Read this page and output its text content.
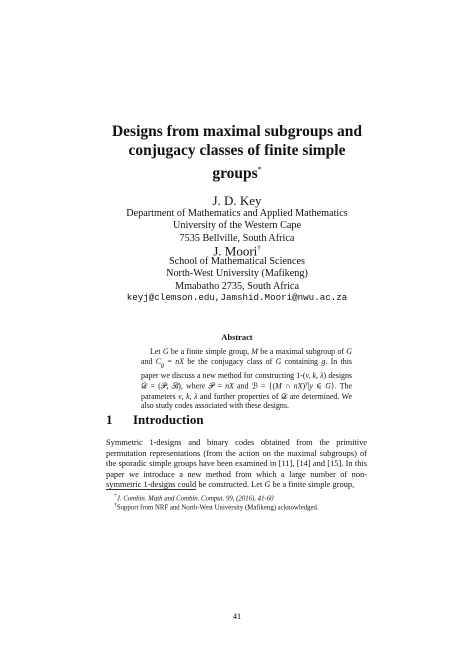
Designs from maximal subgroups and
conjugacy classes of finite simple
groups*
J. D. Key
Department of Mathematics and Applied Mathematics
University of the Western Cape
7535 Bellville, South Africa
J. Moori†
School of Mathematical Sciences
North-West University (Mafikeng)
Mmabatho 2735, South Africa
keyj@clemson.edu,Jamshid.Moori@nwu.ac.za
Abstract

Let G be a finite simple group, M be a maximal subgroup of G and $C_g$ = nX be the conjugacy class of G containing g. In this paper we discuss a new method for constructing 1-(v, k, λ) designs 𝒟 = (𝒫, ℬ), where 𝒫 = nX and ℬ = {(M ∩ nX)$^y$|y ∈ G}. The parameters v, k, λ and further properties of 𝒟 are determined. We also study codes associated with these designs.

1 Introduction

Symmetric 1-designs and binary codes obtained from the primitive permutation representations (from the action on the maximal subgroups) of the sporadic simple groups have been examined in [11], [14] and [15]. In this paper we introduce a new method from which a large number of non-symmetric 1-designs could be constructed. Let G be a finite simple group,

*J. Combin. Math and Combin. Comput. 99, (2016), 41-60
†Support from NRF and North-West University (Mafikeng) acknowledged.
41
